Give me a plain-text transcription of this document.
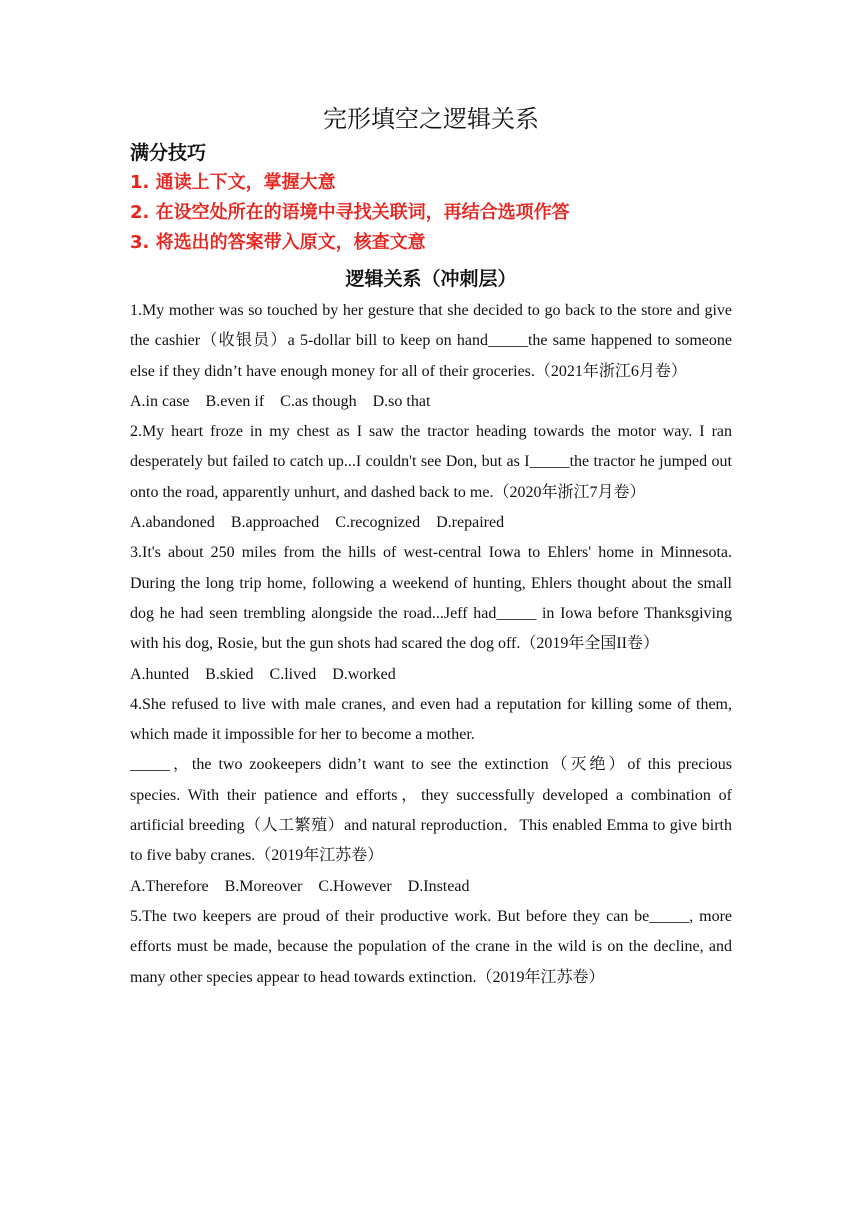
完形填空之逻辑关系

满分技巧

1. 通读上下文，掌握大意

2. 在设空处所在的语境中寻找关联词，再结合选项作答

3. 将选出的答案带入原文，核查文意

逻辑关系（冲刺层）

1.My mother was so touched by her gesture that she decided to go back to the store and give the cashier（收银员）a 5-dollar bill to keep on hand_____the same happened to someone else if they didn’t have enough money for all of their groceries.（2021年浙江6月卷）

A.in case    B.even if    C.as though    D.so that

2.My heart froze in my chest as I saw the tractor heading towards the motor way. I ran desperately but failed to catch up...I couldn't see Don, but as I_____the tractor he jumped out onto the road, apparently unhurt, and dashed back to me.（2020年浙江7月卷）

A.abandoned    B.approached    C.recognized    D.repaired

3.It's about 250 miles from the hills of west-central Iowa to Ehlers' home in Minnesota. During the long trip home, following a weekend of hunting, Ehlers thought about the small dog he had seen trembling alongside the road...Jeff had_____ in Iowa before Thanksgiving with his dog, Rosie, but the gun shots had scared the dog off.（2019年全国II卷）

A.hunted    B.skied    C.lived    D.worked

4.She refused to live with male cranes, and even had a reputation for killing some of them, which made it impossible for her to become a mother.

_____，the two zookeepers didn’t want to see the extinction（灭绝）of this precious species. With their patience and efforts，they successfully developed a combination of artificial breeding（人工繁殖）and natural reproduction．This enabled Emma to give birth to five baby cranes.（2019年江苏卷）

A.Therefore    B.Moreover    C.However    D.Instead

5.The two keepers are proud of their productive work. But before they can be_____, more efforts must be made, because the population of the crane in the wild is on the decline, and many other species appear to head towards extinction.（2019年江苏卷）
